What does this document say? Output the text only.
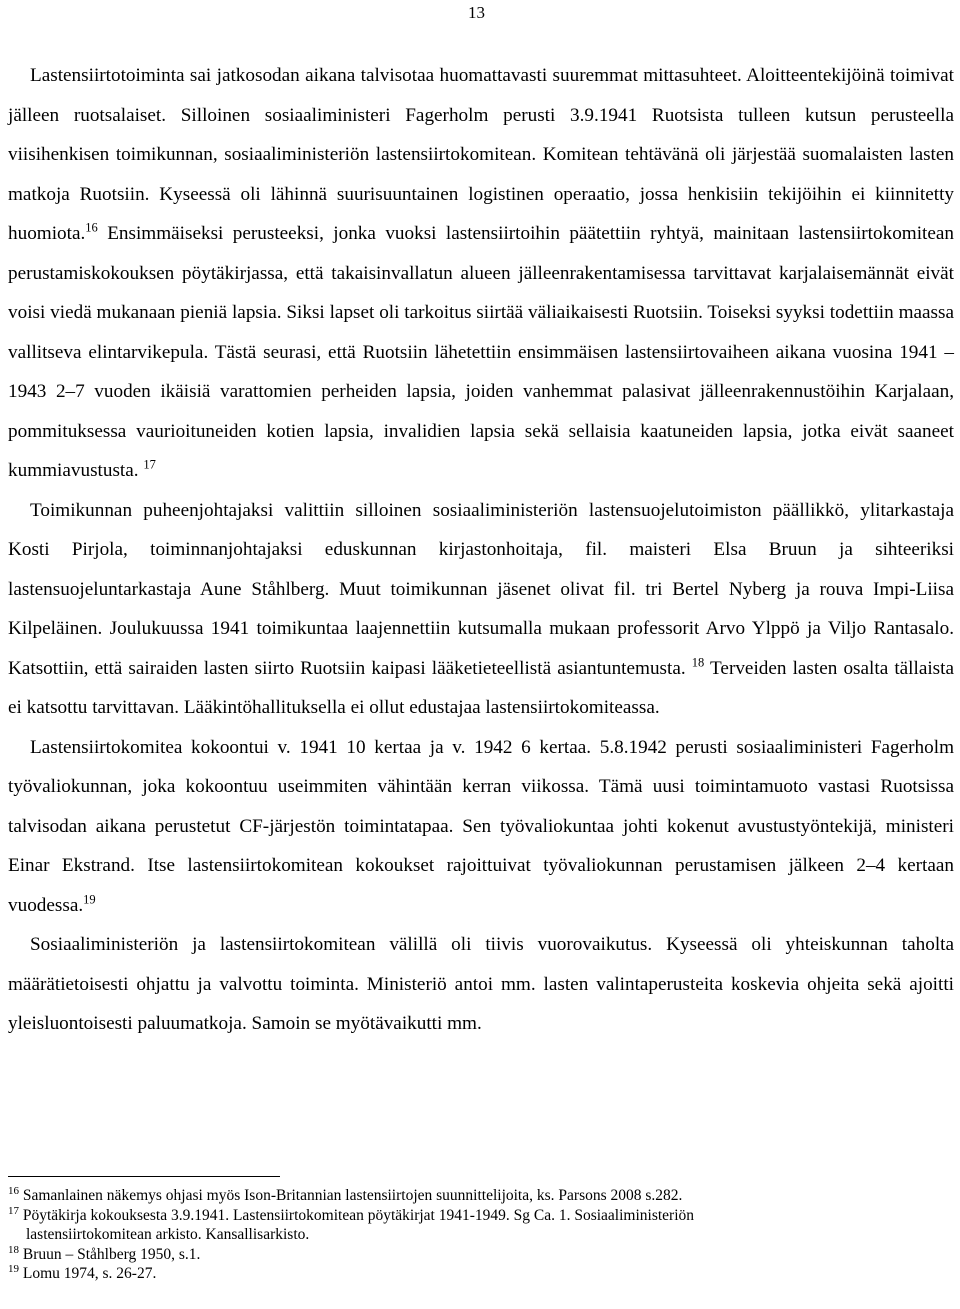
13

Lastensiirtotoiminta sai jatkosodan aikana talvisotaa huomattavasti suuremmat mittasuhteet. Aloitteentekijöinä toimivat jälleen ruotsalaiset. Silloinen sosiaaliministeri Fagerholm perusti 3.9.1941 Ruotsista tulleen kutsun perusteella viisihenkisen toimikunnan, sosiaaliministeriön lastensiirtokomitean. Komitean tehtävänä oli järjestää suomalaisten lasten matkoja Ruotsiin. Kyseessä oli lähinnä suurisuuntainen logistinen operaatio, jossa henkisiin tekijöihin ei kiinnitetty huomiota.$^{16}$ Ensimmäiseksi perusteeksi, jonka vuoksi lastensiirtoihin päätettiin ryhtyä, mainitaan lastensiirtokomitean perustamiskokouksen pöytäkirjassa, että takaisinvallatun alueen jälleenrakentamisessa tarvittavat karjalaisemännät eivät voisi viedä mukanaan pieniä lapsia. Siksi lapset oli tarkoitus siirtää väliaikaisesti Ruotsiin. Toiseksi syyksi todettiin maassa vallitseva elintarvikepula. Tästä seurasi, että Ruotsiin lähetettiin ensimmäisen lastensiirtovaiheen aikana vuosina 1941 – 1943 2–7 vuoden ikäisiä varattomien perheiden lapsia, joiden vanhemmat palasivat jälleenrakennustöihin Karjalaan, pommituksessa vaurioituneiden kotien lapsia, invalidien lapsia sekä sellaisia kaatuneiden lapsia, jotka eivät saaneet kummiavustusta. $^{17}$

Toimikunnan puheenjohtajaksi valittiin silloinen sosiaaliministeriön lastensuojelutoimiston päällikkö, ylitarkastaja Kosti Pirjola, toiminnanjohtajaksi eduskunnan kirjastonhoitaja, fil. maisteri Elsa Bruun ja sihteeriksi lastensuojeluntarkastaja Aune Ståhlberg. Muut toimikunnan jäsenet olivat fil. tri Bertel Nyberg ja rouva Impi-Liisa Kilpeläinen. Joulukuussa 1941 toimikuntaa laajennettiin kutsumalla mukaan professorit Arvo Ylppö ja Viljo Rantasalo. Katsottiin, että sairaiden lasten siirto Ruotsiin kaipasi lääketieteellistä asiantuntemusta. $^{18}$ Terveiden lasten osalta tällaista ei katsottu tarvittavan. Lääkintöhallituksella ei ollut edustajaa lastensiirtokomiteassa.

Lastensiirtokomitea kokoontui v. 1941 10 kertaa ja v. 1942 6 kertaa. 5.8.1942 perusti sosiaaliministeri Fagerholm työvaliokunnan, joka kokoontuu useimmiten vähintään kerran viikossa. Tämä uusi toimintamuoto vastasi Ruotsissa talvisodan aikana perustetut CF-järjestön toimintatapaa. Sen työvaliokuntaa johti kokenut avustustyöntekijä, ministeri Einar Ekstrand. Itse lastensiirtokomitean kokoukset rajoittuivat työvaliokunnan perustamisen jälkeen 2–4 kertaan vuodessa.$^{19}$

Sosiaaliministeriön ja lastensiirtokomitean välillä oli tiivis vuorovaikutus. Kyseessä oli yhteiskunnan taholta määrätietoisesti ohjattu ja valvottu toiminta. Ministeriö antoi mm. lasten valintaperusteita koskevia ohjeita sekä ajoitti yleisluontoisesti paluumatkoja. Samoin se myötävaikutti mm.

$^{16}$ Samanlainen näkemys ohjasi myös Ison-Britannian lastensiirtojen suunnittelijoita, ks. Parsons 2008 s.282.

$^{17}$ Pöytäkirja kokouksesta 3.9.1941. Lastensiirtokomitean pöytäkirjat 1941-1949. Sg Ca. 1. Sosiaaliministeriön
lastensiirtokomitean arkisto. Kansallisarkisto.

$^{18}$ Bruun – Ståhlberg 1950, s.1.

$^{19}$ Lomu 1974, s. 26-27.
